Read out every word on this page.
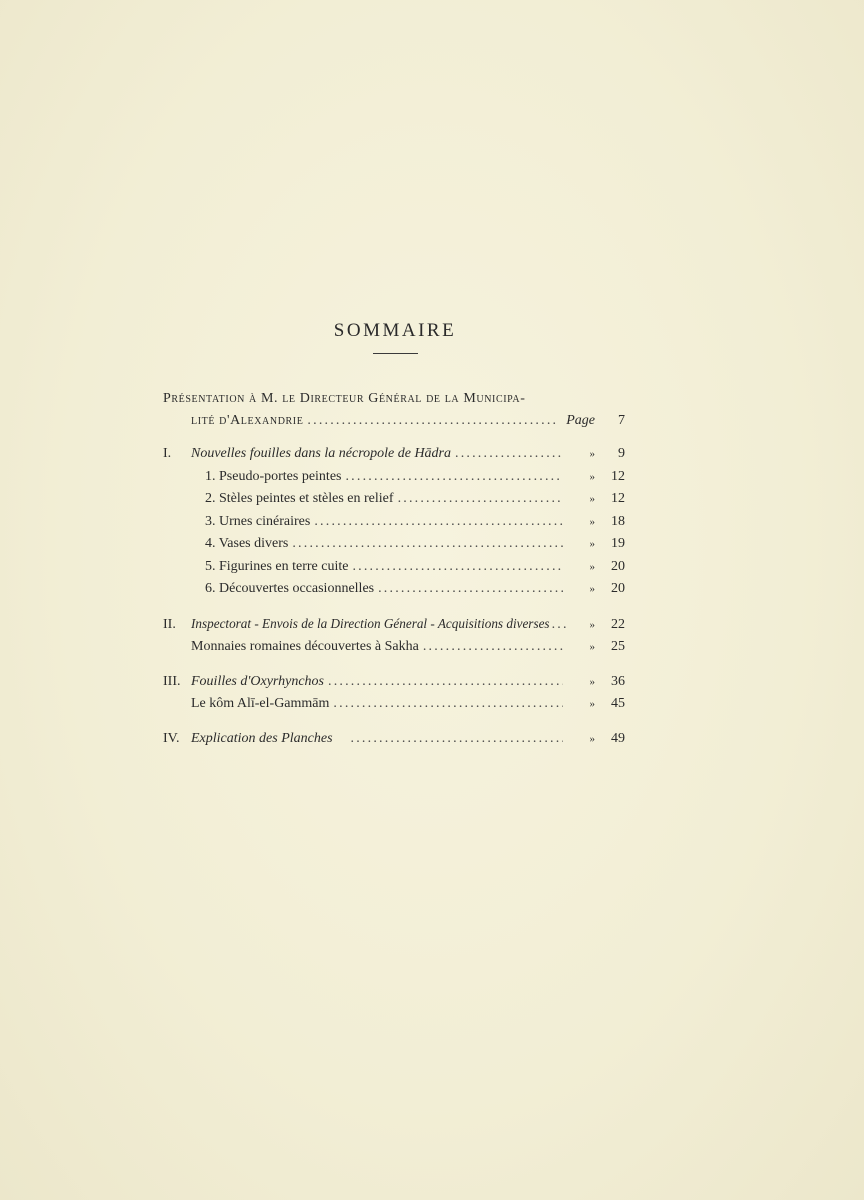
SOMMAIRE
Présentation à M. le Directeur Général de la Municipa-
lité d'Alexandrie .....	Page	7
I.	Nouvelles fouilles dans la nécropole de Hādra .....	»	9
1. Pseudo-portes peintes .....	»	12
2. Stèles peintes et stèles en relief .....	»	12
3. Urnes cinéraires .....	»	18
4. Vases divers .....	»	19
5. Figurines en terre cuite .....	»	20
6. Découvertes occasionnelles .....	»	20
II.	Inspectorat - Envois de la Direction Géneral - Acquisitions diverses .....	»	22
Monnaies romaines découvertes à Sakha .....	»	25
III. Fouilles d'Oxyrhynchos .....	»	36
Le kôm Alī-el-Gammām .....	»	45
IV. Explication des Planches .....	»	49
